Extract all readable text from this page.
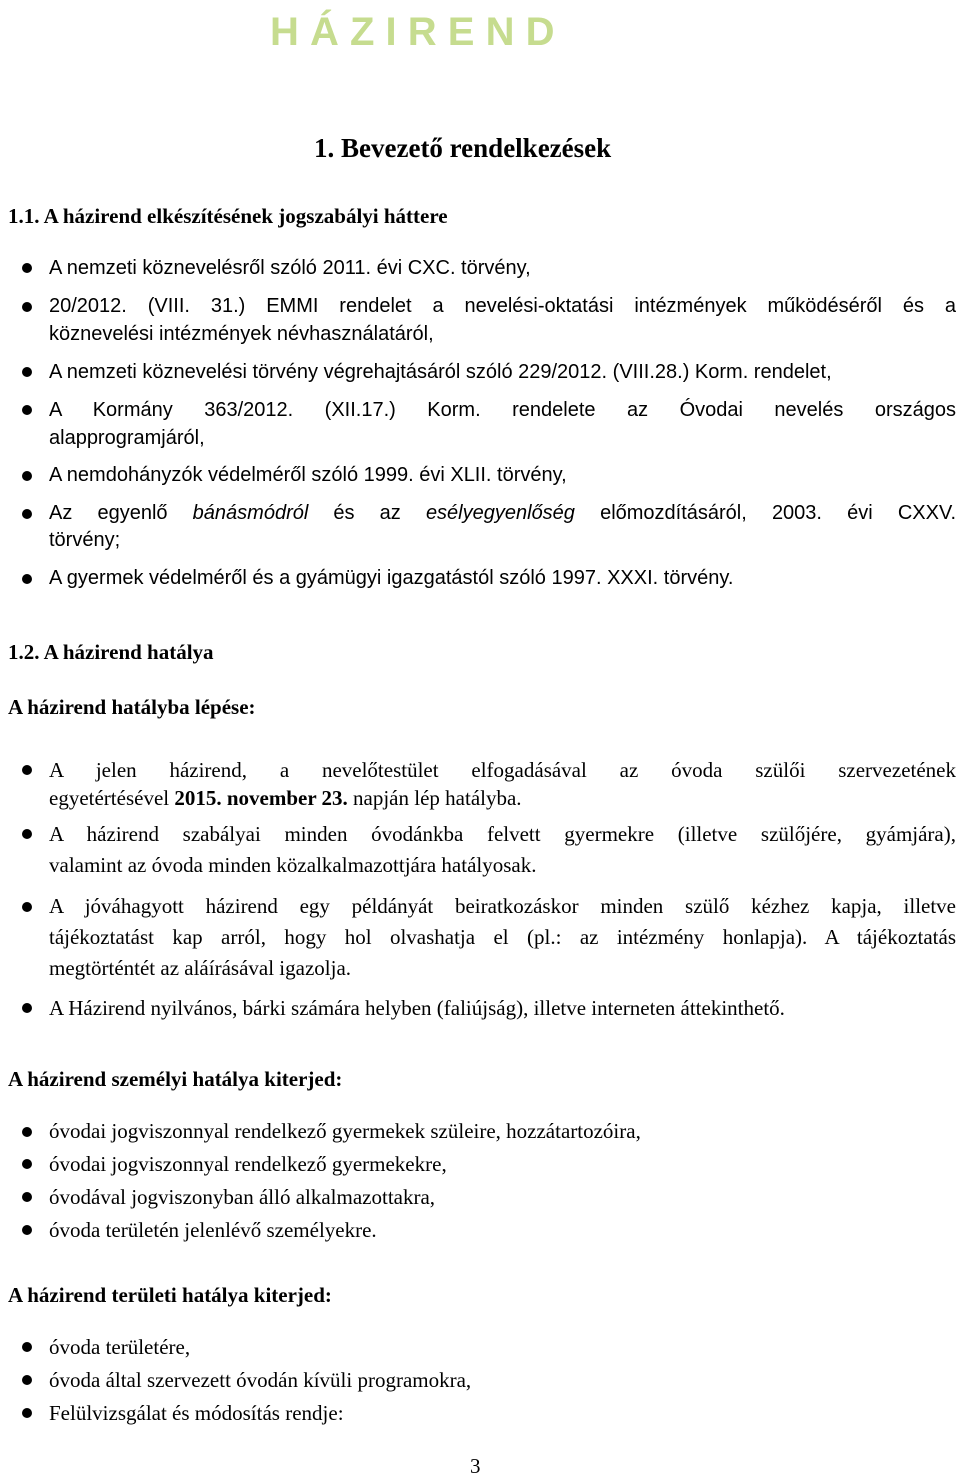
H Á Z I R E N D
1. Bevezető rendelkezések
1.1. A házirend elkészítésének jogszabályi háttere
A nemzeti köznevelésről szóló 2011. évi CXC. törvény,
20/2012. (VIII. 31.) EMMI rendelet a nevelési-oktatási intézmények működéséről és a
köznevelési intézmények névhasználatáról,
A nemzeti köznevelési törvény végrehajtásáról szóló 229/2012. (VIII.28.) Korm. rendelet,
A Kormány 363/2012. (XII.17.) Korm. rendelete az Óvodai nevelés országos
alapprogramjáról,
A nemdohányzók védelméről szóló 1999. évi XLII. törvény,
Az egyenlő bánásmódról és az esélyegyenlőség előmozdításáról, 2003. évi CXXV.
törvény;
A gyermek védelméről és a gyámügyi igazgatástól szóló 1997. XXXI. törvény.
1.2. A házirend hatálya
A házirend hatályba lépése:
A jelen házirend, a nevelőtestület elfogadásával az óvoda szülői szervezetének
egyetértésével 2015. november 23. napján lép hatályba.
A házirend szabályai minden óvodánkba felvett gyermekre (illetve szülőjére, gyámjára),
valamint az óvoda minden közalkalmazottjára hatályosak.
A jóváhagyott házirend egy példányát beiratkozáskor minden szülő kézhez kapja, illetve
tájékoztatást kap arról, hogy hol olvashatja el (pl.: az intézmény honlapja). A tájékoztatás
megtörténtét az aláírásával igazolja.
A Házirend nyilvános, bárki számára helyben (faliújság), illetve interneten áttekinthető.
A házirend személyi hatálya kiterjed:
óvodai jogviszonnyal rendelkező gyermekek szüleire, hozzátartozóira,
óvodai jogviszonnyal rendelkező gyermekekre,
óvodával jogviszonyban álló alkalmazottakra,
óvoda területén jelenlévő személyekre.
A házirend területi hatálya kiterjed:
óvoda területére,
óvoda által szervezett óvodán kívüli programokra,
Felülvizsgálat és módosítás rendje:
3
